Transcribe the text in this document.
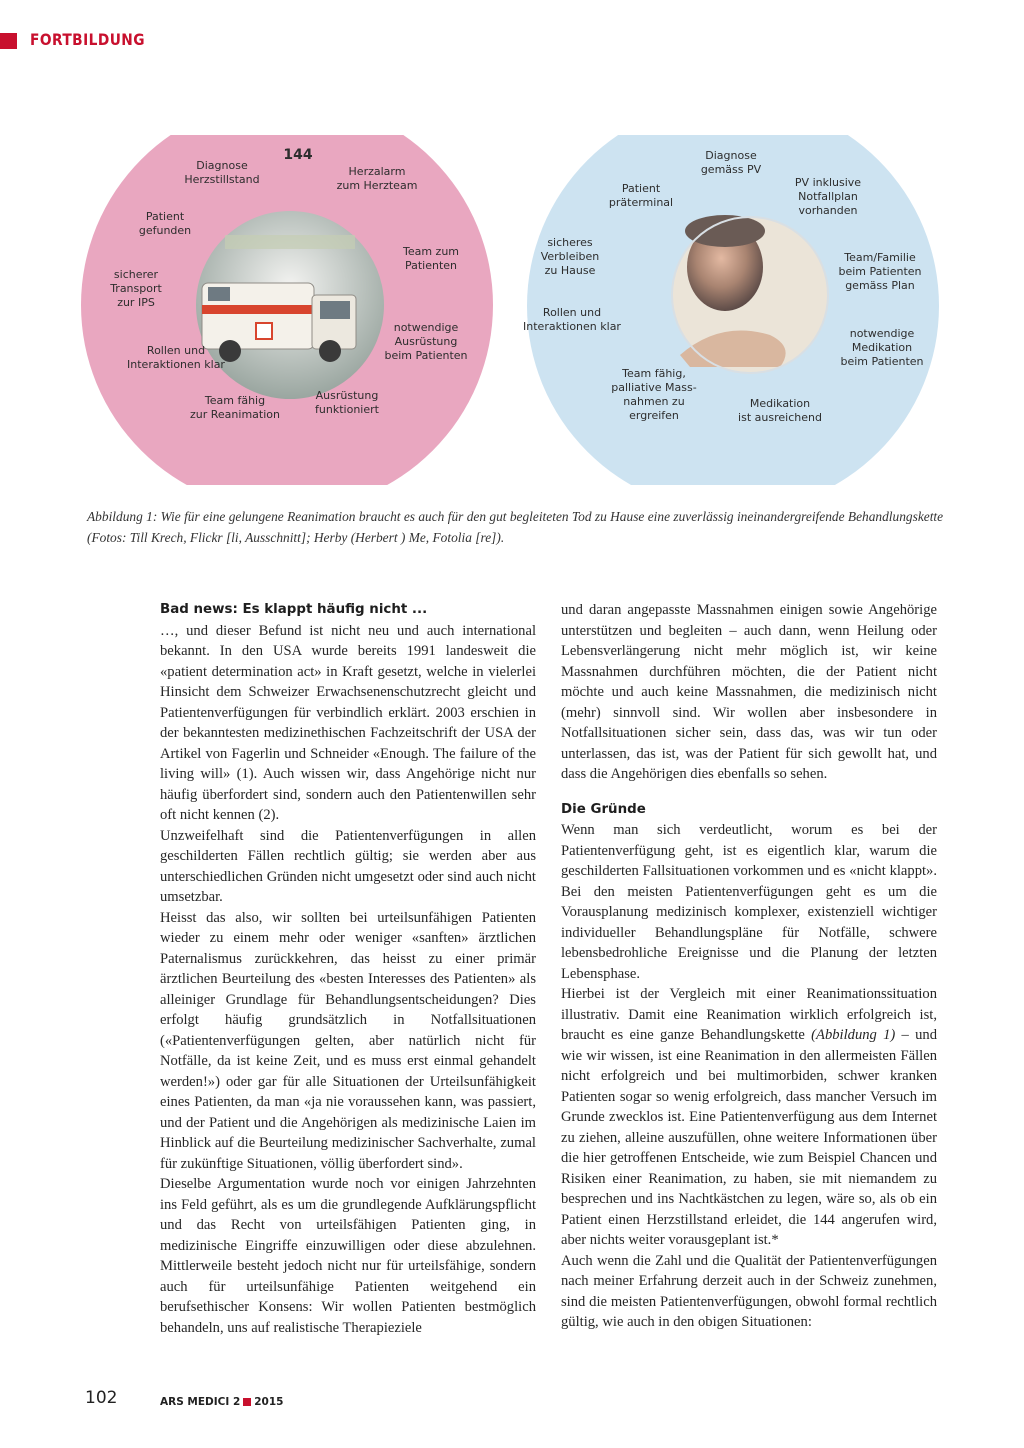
FORTBILDUNG
144
Diagnose Herzstillstand
Herzalarm zum Herzteam
Patient gefunden
Team zum Patienten
sicherer Transport zur IPS
notwendige Ausrüstung beim Patienten
Rollen und Interaktionen klar
Team fähig zur Reanimation
Ausrüstung funktioniert
Diagnose gemäss PV
Patient präterminal
PV inklusive Notfallplan vorhanden
sicheres Verbleiben zu Hause
Team/Familie beim Patienten gemäss Plan
Rollen und Interaktionen klar
notwendige Medikation beim Patienten
Team fähig, palliative Mass-nahmen zu ergreifen
Medikation ist ausreichend

Abbildung 1: Wie für eine gelungene Reanimation braucht es auch für den gut begleiteten Tod zu Hause eine zuverlässig ineinandergreifende Behandlungskette (Fotos: Till Krech, Flickr [li, Ausschnitt]; Herby (Herbert ) Me, Fotolia [re]).

Bad news: Es klappt häufig nicht ...

…, und dieser Befund ist nicht neu und auch international bekannt. In den USA wurde bereits 1991 landesweit die «patient determination act» in Kraft gesetzt, welche in vielerlei Hinsicht dem Schweizer Erwachsenenschutzrecht gleicht und Patientenverfügungen für verbindlich erklärt. 2003 erschien in der bekanntesten medizinethischen Fachzeitschrift der USA der Artikel von Fagerlin und Schneider «Enough. The failure of the living will» (1). Auch wissen wir, dass Angehörige nicht nur häufig überfordert sind, sondern auch den Patientenwillen sehr oft nicht kennen (2).

Unzweifelhaft sind die Patientenverfügungen in allen geschilderten Fällen rechtlich gültig; sie werden aber aus unterschiedlichen Gründen nicht umgesetzt oder sind auch nicht umsetzbar.

Heisst das also, wir sollten bei urteilsunfähigen Patienten wieder zu einem mehr oder weniger «sanften» ärztlichen Paternalismus zurückkehren, das heisst zu einer primär ärztlichen Beurteilung des «besten Interesses des Patienten» als alleiniger Grundlage für Behandlungsentscheidungen? Dies erfolgt häufig grundsätzlich in Notfallsituationen («Patientenverfügungen gelten, aber natürlich nicht für Notfälle, da ist keine Zeit, und es muss erst einmal gehandelt werden!») oder gar für alle Situationen der Urteilsunfähigkeit eines Patienten, da man «ja nie voraussehen kann, was passiert, und der Patient und die Angehörigen als medizinische Laien im Hinblick auf die Beurteilung medizinischer Sachverhalte, zumal für zukünftige Situationen, völlig überfordert sind».

Dieselbe Argumentation wurde noch vor einigen Jahrzehnten ins Feld geführt, als es um die grundlegende Aufklärungspflicht und das Recht von urteilsfähigen Patienten ging, in medizinische Eingriffe einzuwilligen oder diese abzulehnen. Mittlerweile besteht jedoch nicht nur für urteilsfähige, sondern auch für urteilsunfähige Patienten weitgehend ein berufsethischer Konsens: Wir wollen Patienten bestmöglich behandeln, uns auf realistische Therapieziele

und daran angepasste Massnahmen einigen sowie Angehörige unterstützen und begleiten – auch dann, wenn Heilung oder Lebensverlängerung nicht mehr möglich ist, wir keine Massnahmen durchführen möchten, die der Patient nicht möchte und auch keine Massnahmen, die medizinisch nicht (mehr) sinnvoll sind. Wir wollen aber insbesondere in Notfallsituationen sicher sein, dass das, was wir tun oder unterlassen, das ist, was der Patient für sich gewollt hat, und dass die Angehörigen dies ebenfalls so sehen.

Die Gründe

Wenn man sich verdeutlicht, worum es bei der Patientenverfügung geht, ist es eigentlich klar, warum die geschilderten Fallsituationen vorkommen und es «nicht klappt». Bei den meisten Patientenverfügungen geht es um die Vorausplanung medizinisch komplexer, existenziell wichtiger individueller Behandlungspläne für Notfälle, schwere lebensbedrohliche Ereignisse und die Planung der letzten Lebensphase.

Hierbei ist der Vergleich mit einer Reanimationssituation illustrativ. Damit eine Reanimation wirklich erfolgreich ist, braucht es eine ganze Behandlungskette (Abbildung 1) – und wie wir wissen, ist eine Reanimation in den allermeisten Fällen nicht erfolgreich und bei multimorbiden, schwer kranken Patienten sogar so wenig erfolgreich, dass mancher Versuch im Grunde zwecklos ist. Eine Patientenverfügung aus dem Internet zu ziehen, alleine auszufüllen, ohne weitere Informationen über die hier getroffenen Entscheide, wie zum Beispiel Chancen und Risiken einer Reanimation, zu haben, sie mit niemandem zu besprechen und ins Nachtkästchen zu legen, wäre so, als ob ein Patient einen Herzstillstand erleidet, die 144 angerufen wird, aber nichts weiter vorausgeplant ist.*

Auch wenn die Zahl und die Qualität der Patientenverfügungen nach meiner Erfahrung derzeit auch in der Schweiz zunehmen, sind die meisten Patientenverfügungen, obwohl formal rechtlich gültig, wie auch in den obigen Situationen:

102	ARS MEDICI 2 2015
